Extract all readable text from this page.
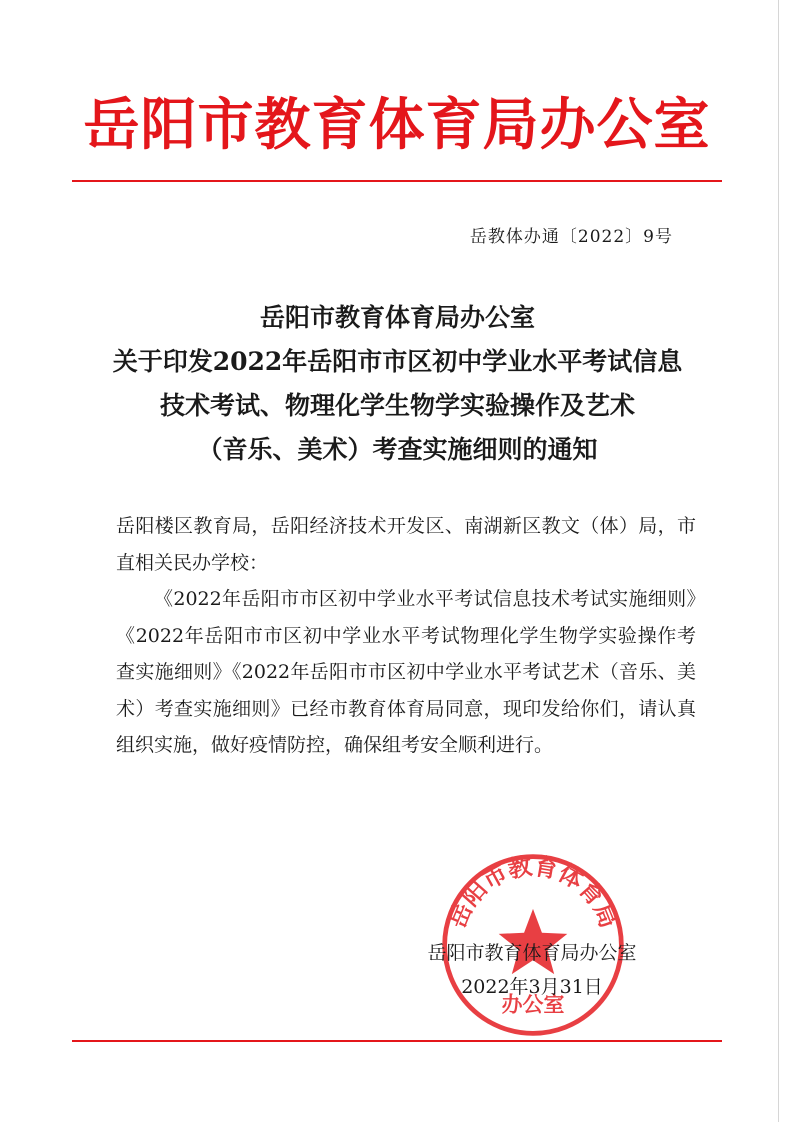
岳阳市教育体育局办公室
岳教体办通〔2022〕9号
岳阳市教育体育局办公室
关于印发2022年岳阳市市区初中学业水平考试信息
技术考试、物理化学生物学实验操作及艺术
（音乐、美术）考查实施细则的通知

岳阳楼区教育局，岳阳经济技术开发区、南湖新区教文（体）局，市直相关民办学校：

《2022年岳阳市市区初中学业水平考试信息技术考试实施细则》《2022年岳阳市市区初中学业水平考试物理化学生物学实验操作考查实施细则》《2022年岳阳市市区初中学业水平考试艺术（音乐、美术）考查实施细则》已经市教育体育局同意，现印发给你们，请认真组织实施，做好疫情防控，确保组考安全顺利进行。

岳阳市教育体育局
办公室
岳阳市教育体育局办公室
2022年3月31日
